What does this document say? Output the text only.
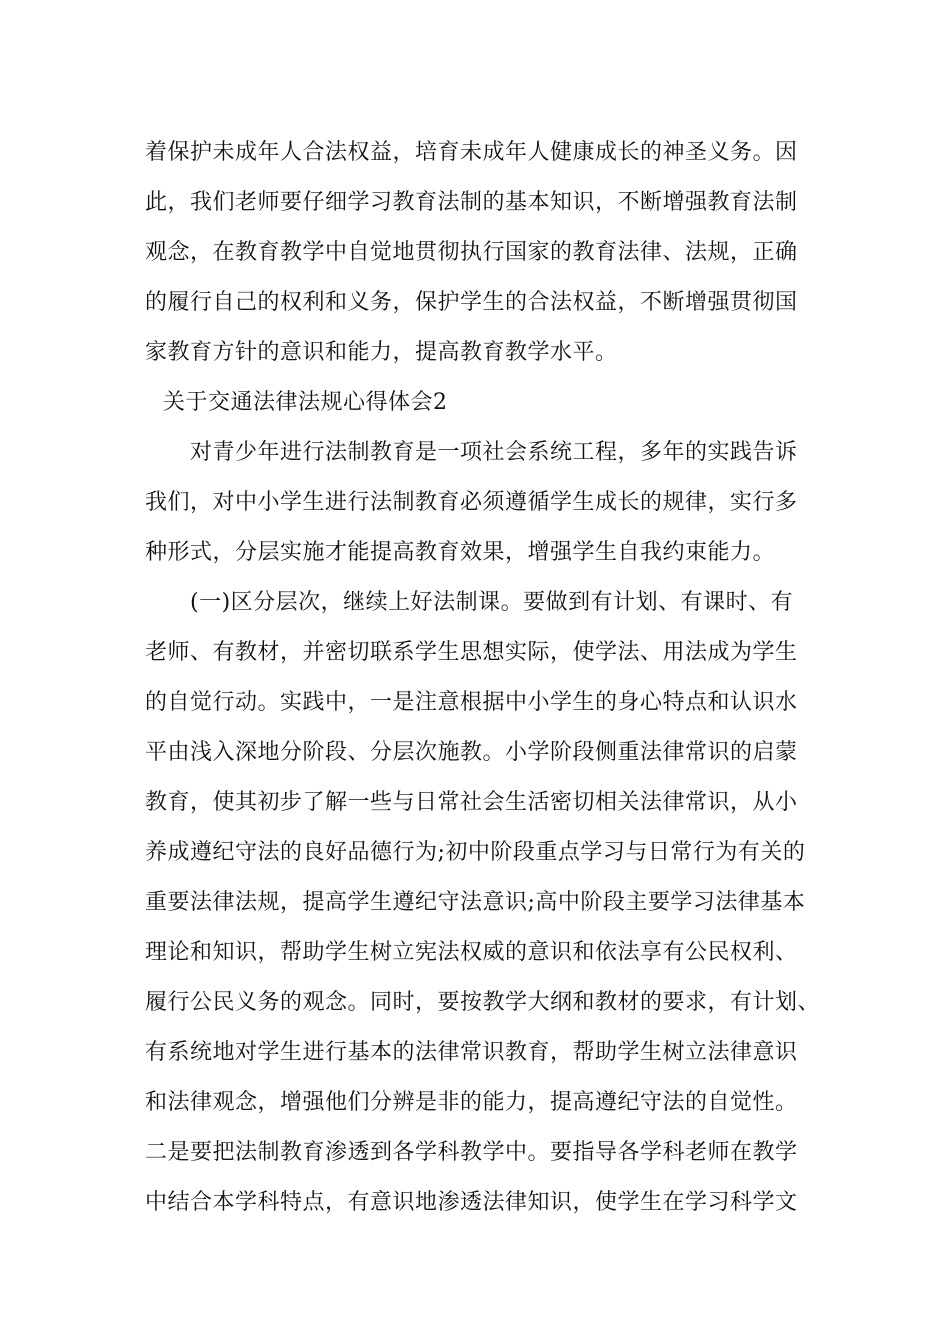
着保护未成年人合法权益，培育未成年人健康成长的神圣义务。因
此，我们老师要仔细学习教育法制的基本知识，不断增强教育法制
观念，在教育教学中自觉地贯彻执行国家的教育法律、法规，正确
的履行自己的权利和义务，保护学生的合法权益，不断增强贯彻国
家教育方针的意识和能力，提高教育教学水平。
关于交通法律法规心得体会2
对青少年进行法制教育是一项社会系统工程，多年的实践告诉
我们，对中小学生进行法制教育必须遵循学生成长的规律，实行多
种形式，分层实施才能提高教育效果，增强学生自我约束能力。
(一)区分层次，继续上好法制课。要做到有计划、有课时、有
老师、有教材，并密切联系学生思想实际，使学法、用法成为学生
的自觉行动。实践中，一是注意根据中小学生的身心特点和认识水
平由浅入深地分阶段、分层次施教。小学阶段侧重法律常识的启蒙
教育，使其初步了解一些与日常社会生活密切相关法律常识，从小
养成遵纪守法的良好品德行为;初中阶段重点学习与日常行为有关的
重要法律法规，提高学生遵纪守法意识;高中阶段主要学习法律基本
理论和知识，帮助学生树立宪法权威的意识和依法享有公民权利、
履行公民义务的观念。同时，要按教学大纲和教材的要求，有计划、
有系统地对学生进行基本的法律常识教育，帮助学生树立法律意识
和法律观念，增强他们分辨是非的能力，提高遵纪守法的自觉性。
二是要把法制教育渗透到各学科教学中。要指导各学科老师在教学
中结合本学科特点，有意识地渗透法律知识，使学生在学习科学文
